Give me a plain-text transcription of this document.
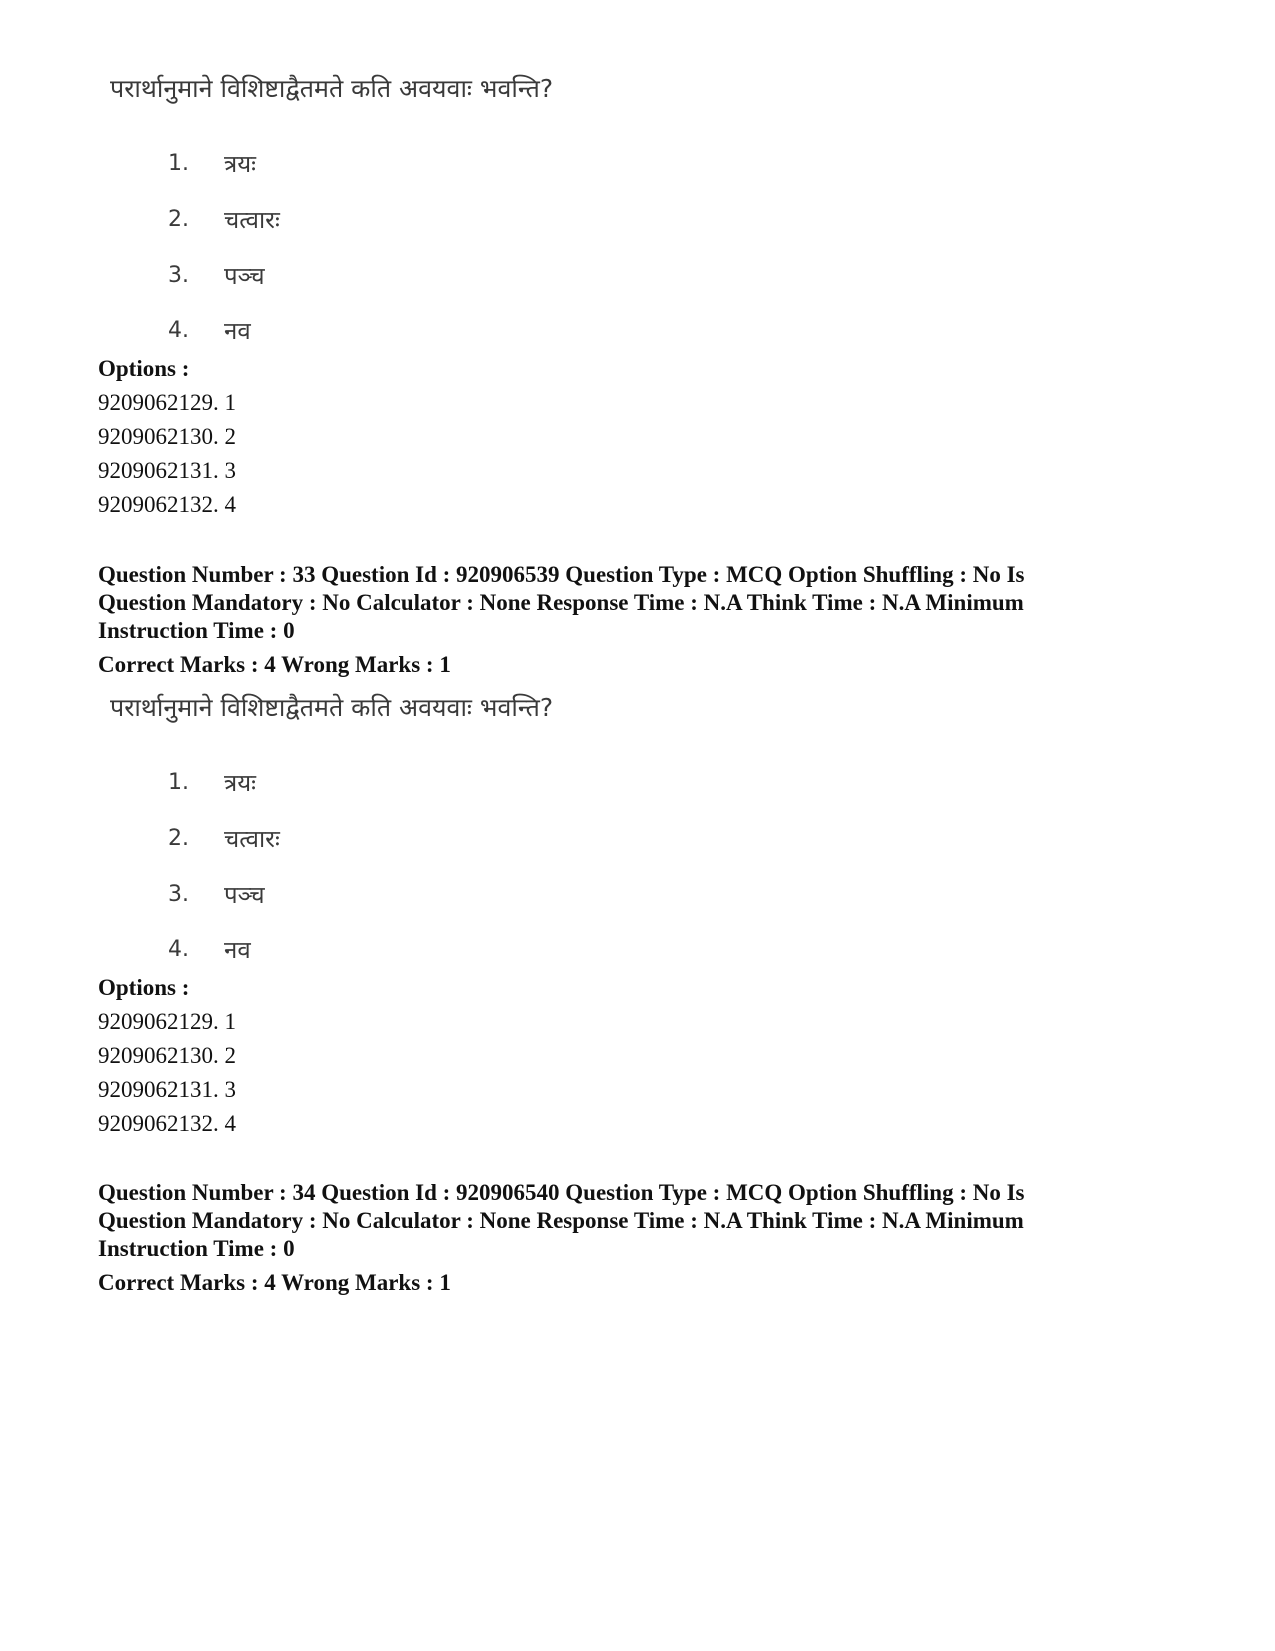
परार्थानुमाने विशिष्टाद्वैतमते कति अवयवाः भवन्ति?

1.	त्रयः
2.	चत्वारः
3.	पञ्च
4.	नव
Options :
9209062129. 1
9209062130. 2
9209062131. 3
9209062132. 4
Question Number : 33 Question Id : 920906539 Question Type : MCQ Option Shuffling : No Is
Question Mandatory : No Calculator : None Response Time : N.A Think Time : N.A Minimum
Instruction Time : 0
Correct Marks : 4 Wrong Marks : 1

परार्थानुमाने विशिष्टाद्वैतमते कति अवयवाः भवन्ति?

1.	त्रयः
2.	चत्वारः
3.	पञ्च
4.	नव
Options :
9209062129. 1
9209062130. 2
9209062131. 3
9209062132. 4
Question Number : 34 Question Id : 920906540 Question Type : MCQ Option Shuffling : No Is
Question Mandatory : No Calculator : None Response Time : N.A Think Time : N.A Minimum
Instruction Time : 0
Correct Marks : 4 Wrong Marks : 1
